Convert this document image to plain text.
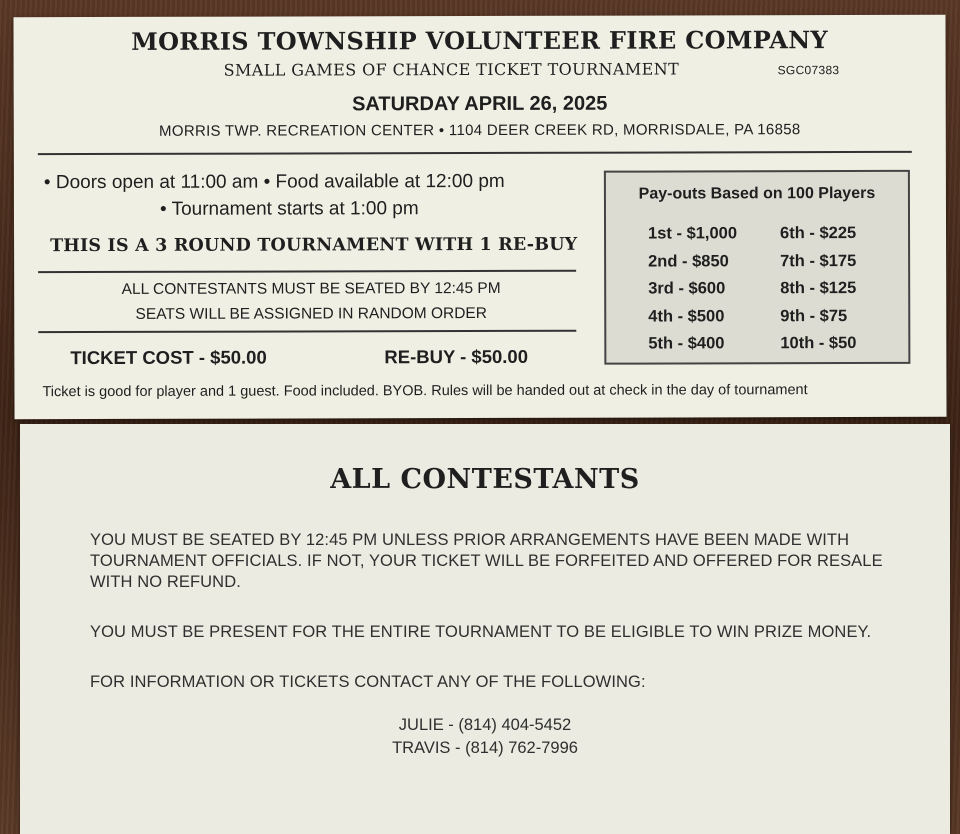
MORRIS TOWNSHIP VOLUNTEER FIRE COMPANY
SMALL GAMES OF CHANCE TICKET TOURNAMENT	SGC07383
SATURDAY APRIL 26, 2025
MORRIS TWP. RECREATION CENTER • 1104 DEER CREEK RD, MORRISDALE, PA 16858
• Doors open at 11:00 am • Food available at 12:00 pm
• Tournament starts at 1:00 pm
THIS IS A 3 ROUND TOURNAMENT WITH 1 RE-BUY
ALL CONTESTANTS MUST BE SEATED BY 12:45 PM
SEATS WILL BE ASSIGNED IN RANDOM ORDER
TICKET COST - $50.00	RE-BUY - $50.00
Ticket is good for player and 1 guest. Food included. BYOB. Rules will be handed out at check in the day of tournament
Pay-outs Based on 100 Players
1st - $1,000
2nd - $850
3rd - $600
4th - $500
5th - $400
6th - $225
7th - $175
8th - $125
9th - $75
10th - $50
ALL CONTESTANTS
YOU MUST BE SEATED BY 12:45 PM UNLESS PRIOR ARRANGEMENTS HAVE BEEN MADE WITH
TOURNAMENT OFFICIALS. IF NOT, YOUR TICKET WILL BE FORFEITED AND OFFERED FOR RESALE
WITH NO REFUND.
YOU MUST BE PRESENT FOR THE ENTIRE TOURNAMENT TO BE ELIGIBLE TO WIN PRIZE MONEY.
FOR INFORMATION OR TICKETS CONTACT ANY OF THE FOLLOWING:
JULIE - (814) 404-5452
TRAVIS - (814) 762-7996
